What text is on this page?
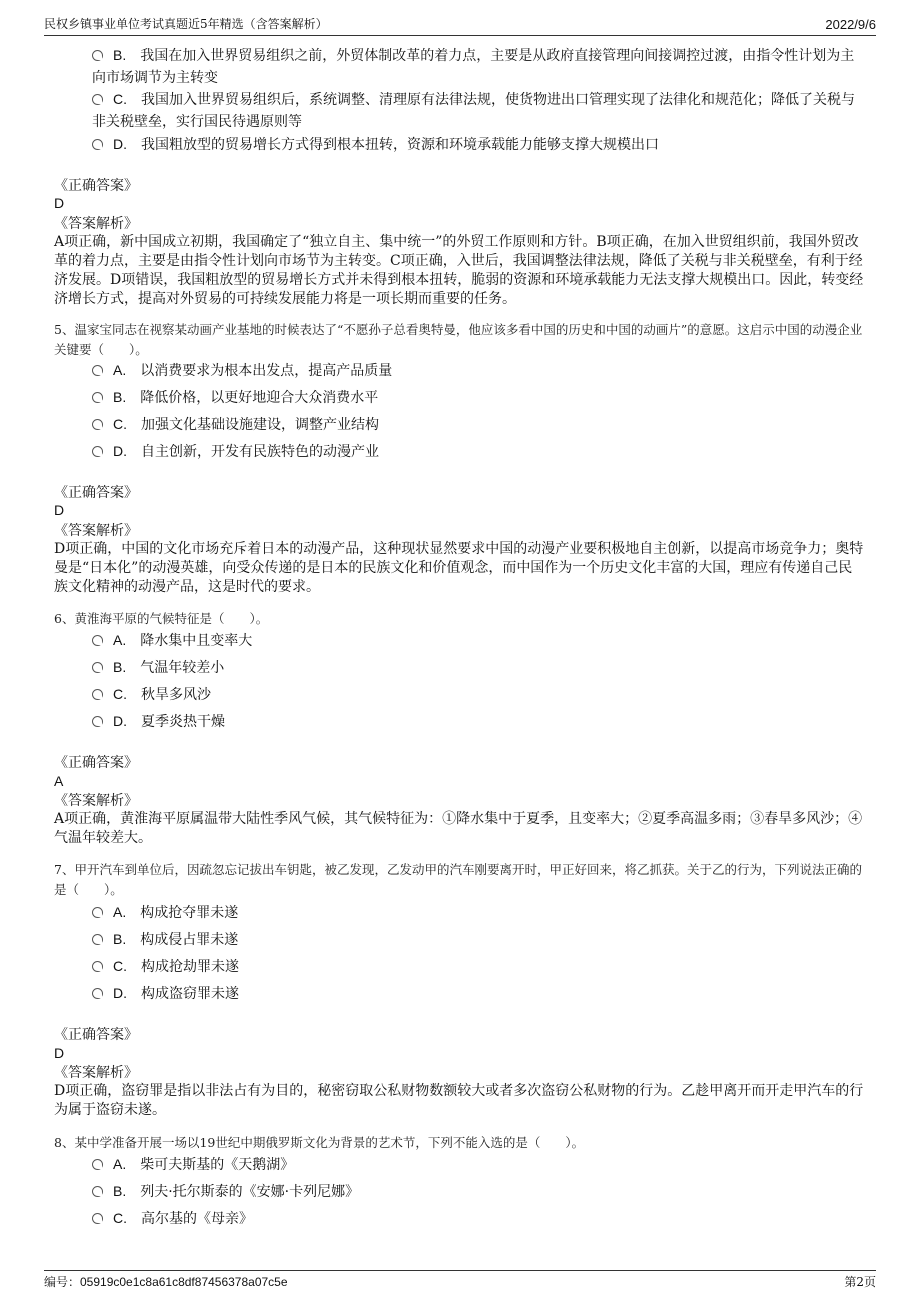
民权乡镇事业单位考试真题近5年精选（含答案解析）	2022/9/6
B. 我国在加入世界贸易组织之前，外贸体制改革的着力点，主要是从政府直接管理向间接调控过渡，由指令性计划为主向市场调节为主转变
C. 我国加入世界贸易组织后，系统调整、清理原有法律法规，使货物进出口管理实现了法律化和规范化；降低了关税与非关税壁垒，实行国民待遇原则等
D. 我国粗放型的贸易增长方式得到根本扭转，资源和环境承载能力能够支撑大规模出口
《正确答案》
D
《答案解析》
A项正确，新中国成立初期，我国确定了“独立自主、集中统一”的外贸工作原则和方针。B项正确，在加入世贸组织前，我国外贸改革的着力点，主要是由指令性计划向市场节为主转变。C项正确，入世后，我国调整法律法规，降低了关税与非关税壁垒，有利于经济发展。D项错误，我国粗放型的贸易增长方式并未得到根本扭转，脆弱的资源和环境承载能力无法支撑大规模出口。因此，转变经济增长方式，提高对外贸易的可持续发展能力将是一项长期而重要的任务。
5、温家宝同志在视察某动画产业基地的时候表达了“不愿孙子总看奥特曼，他应该多看中国的历史和中国的动画片”的意愿。这启示中国的动漫企业关键要（　　）。
A. 以消费要求为根本出发点，提高产品质量
B. 降低价格，以更好地迎合大众消费水平
C. 加强文化基础设施建设，调整产业结构
D. 自主创新，开发有民族特色的动漫产业
《正确答案》
D
《答案解析》
D项正确，中国的文化市场充斥着日本的动漫产品，这种现状显然要求中国的动漫产业要积极地自主创新，以提高市场竞争力；奥特曼是“日本化”的动漫英雄，向受众传递的是日本的民族文化和价值观念，而中国作为一个历史文化丰富的大国，理应有传递自己民族文化精神的动漫产品，这是时代的要求。
6、黄淮海平原的气候特征是（　　）。
A. 降水集中且变率大
B. 气温年较差小
C. 秋旱多风沙
D. 夏季炎热干燥
《正确答案》
A
《答案解析》
A项正确，黄淮海平原属温带大陆性季风气候，其气候特征为：①降水集中于夏季，且变率大；②夏季高温多雨；③春旱多风沙；④气温年较差大。
7、甲开汽车到单位后，因疏忽忘记拔出车钥匙，被乙发现，乙发动甲的汽车刚要离开时，甲正好回来，将乙抓获。关于乙的行为，下列说法正确的是（　　）。
A. 构成抢夺罪未遂
B. 构成侵占罪未遂
C. 构成抢劫罪未遂
D. 构成盗窃罪未遂
《正确答案》
D
《答案解析》
D项正确，盗窃罪是指以非法占有为目的，秘密窃取公私财物数额较大或者多次盗窃公私财物的行为。乙趁甲离开而开走甲汽车的行为属于盗窃未遂。
8、某中学准备开展一场以19世纪中期俄罗斯文化为背景的艺术节，下列不能入选的是（　　）。
A. 柴可夫斯基的《天鹅湖》
B. 列夫·托尔斯泰的《安娜·卡列尼娜》
C. 高尔基的《母亲》
编号：05919c0e1c8a61c8df87456378a07c5e	第2页
